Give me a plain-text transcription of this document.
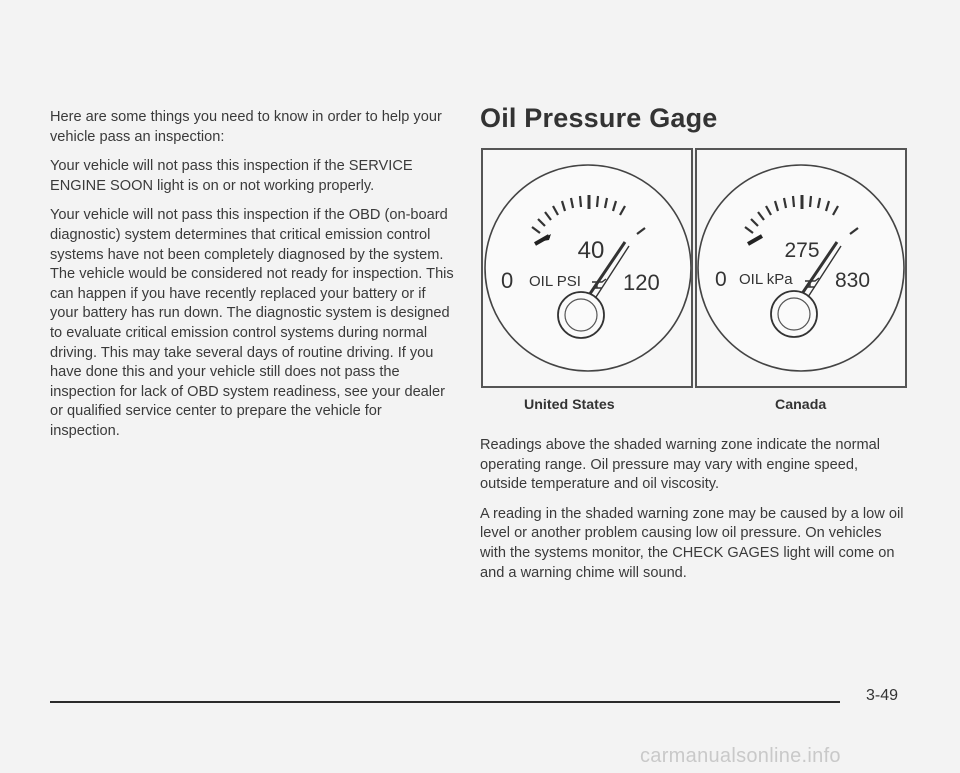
Here are some things you need to know in order to help your vehicle pass an inspection:

Your vehicle will not pass this inspection if the SERVICE ENGINE SOON light is on or not working properly.

Your vehicle will not pass this inspection if the OBD (on-board diagnostic) system determines that critical emission control systems have not been completely diagnosed by the system. The vehicle would be considered not ready for inspection. This can happen if you have recently replaced your battery or if your battery has run down. The diagnostic system is designed to evaluate critical emission control systems during normal driving. This may take several days of routine driving. If you have done this and your vehicle still does not pass the inspection for lack of OBD system readiness, see your dealer or qualified service center to prepare the vehicle for inspection.

Oil Pressure Gage
40
0 OIL PSI 120
United States
275
0 OIL kPa 830
Canada

Readings above the shaded warning zone indicate the normal operating range. Oil pressure may vary with engine speed, outside temperature and oil viscosity.

A reading in the shaded warning zone may be caused by a low oil level or another problem causing low oil pressure. On vehicles with the systems monitor, the CHECK GAGES light will come on and a warning chime will sound.

3-49
carmanualsonline.info
